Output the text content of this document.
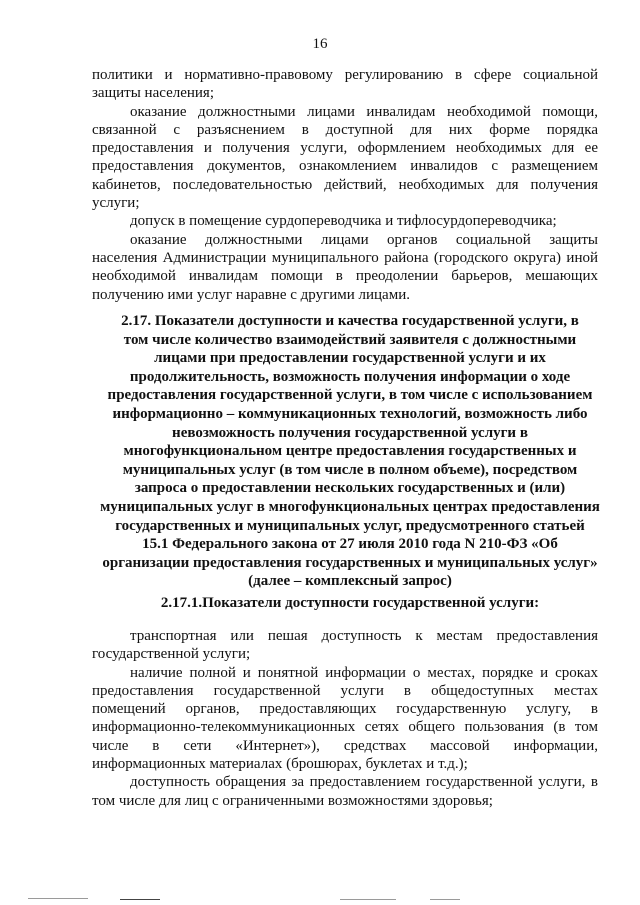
16

политики и нормативно-правовому регулированию в сфере социальной

защиты населения;

оказание должностными лицами инвалидам необходимой помощи,

связанной с разъяснением в доступной для них форме порядка

предоставления и получения услуги, оформлением необходимых для ее

предоставления документов, ознакомлением инвалидов с размещением

кабинетов, последовательностью действий, необходимых для получения

услуги;

допуск в помещение сурдопереводчика и тифлосурдопереводчика;

оказание должностными лицами органов социальной защиты

населения Администрации муниципального района (городского округа) иной

необходимой инвалидам помощи в преодолении барьеров, мешающих

получению ими услуг наравне с другими лицами.

2.17. Показатели доступности и качества государственной услуги, в

том числе количество взаимодействий заявителя с должностными

лицами при предоставлении государственной услуги и их

продолжительность, возможность получения информации о ходе

предоставления государственной услуги, в том числе с использованием

информационно – коммуникационных технологий, возможность либо

невозможность получения государственной услуги в

многофункциональном центре предоставления государственных и

муниципальных услуг (в том числе в полном объеме), посредством

запроса о предоставлении нескольких государственных и (или)

муниципальных услуг в многофункциональных центрах предоставления

государственных и муниципальных услуг, предусмотренного статьей

15.1 Федерального закона от 27 июля 2010 года N 210-ФЗ «Об

организации предоставления государственных и муниципальных услуг»

(далее – комплексный запрос)

2.17.1.Показатели доступности государственной услуги:

транспортная или пешая доступность к местам предоставления

государственной услуги;

наличие полной и понятной информации о местах, порядке и сроках

предоставления государственной услуги в общедоступных местах

помещений органов, предоставляющих государственную услугу, в

информационно-телекоммуникационных сетях общего пользования (в том

числе в сети «Интернет»), средствах массовой информации,

информационных материалах (брошюрах, буклетах и т.д.);

доступность обращения за предоставлением государственной услуги, в

том числе для лиц с ограниченными возможностями здоровья;
